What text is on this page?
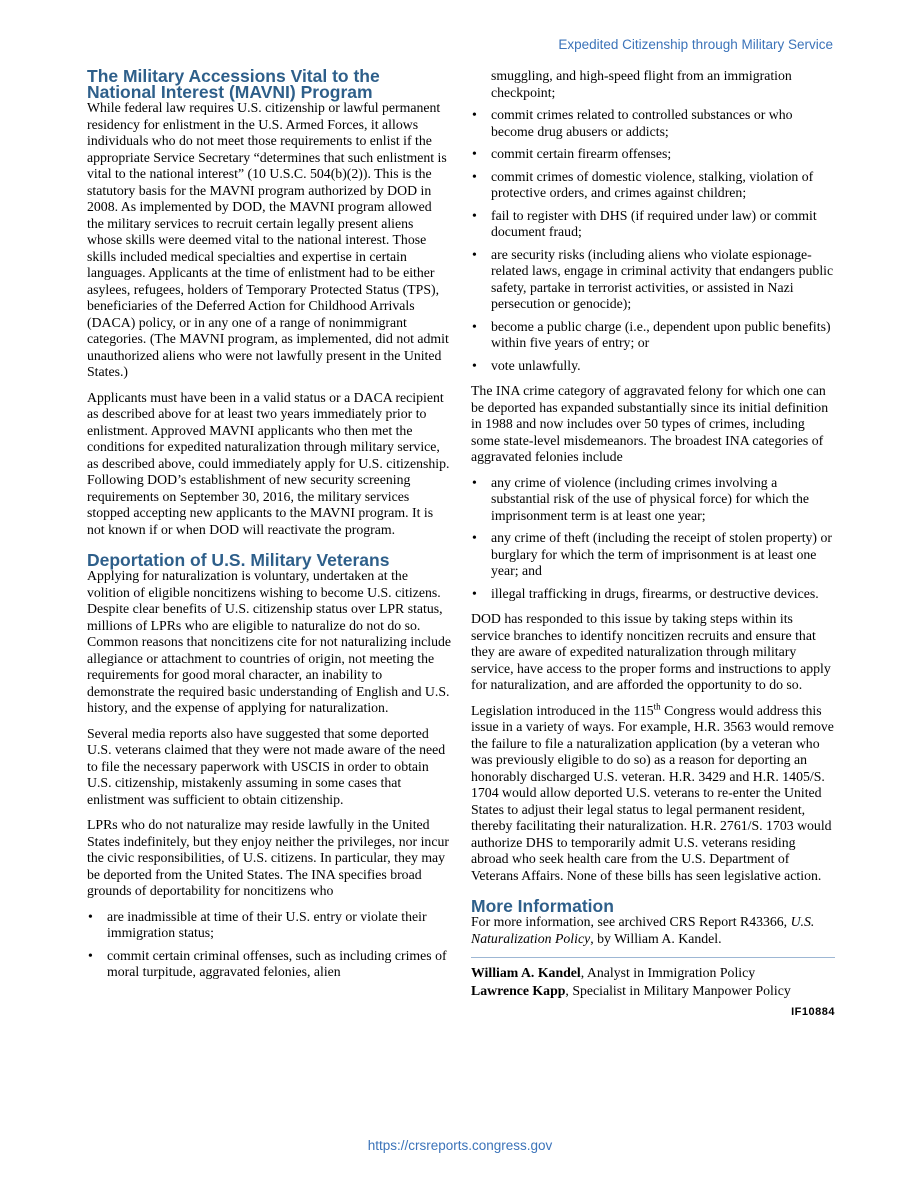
Expedited Citizenship through Military Service
The Military Accessions Vital to the National Interest (MAVNI) Program

While federal law requires U.S. citizenship or lawful permanent residency for enlistment in the U.S. Armed Forces, it allows individuals who do not meet those requirements to enlist if the appropriate Service Secretary “determines that such enlistment is vital to the national interest” (10 U.S.C. 504(b)(2)). This is the statutory basis for the MAVNI program authorized by DOD in 2008. As implemented by DOD, the MAVNI program allowed the military services to recruit certain legally present aliens whose skills were deemed vital to the national interest. Those skills included medical specialties and expertise in certain languages. Applicants at the time of enlistment had to be either asylees, refugees, holders of Temporary Protected Status (TPS), beneficiaries of the Deferred Action for Childhood Arrivals (DACA) policy, or in any one of a range of nonimmigrant categories. (The MAVNI program, as implemented, did not admit unauthorized aliens who were not lawfully present in the United States.)

Applicants must have been in a valid status or a DACA recipient as described above for at least two years immediately prior to enlistment. Approved MAVNI applicants who then met the conditions for expedited naturalization through military service, as described above, could immediately apply for U.S. citizenship. Following DOD’s establishment of new security screening requirements on September 30, 2016, the military services stopped accepting new applicants to the MAVNI program. It is not known if or when DOD will reactivate the program.

Deportation of U.S. Military Veterans

Applying for naturalization is voluntary, undertaken at the volition of eligible noncitizens wishing to become U.S. citizens. Despite clear benefits of U.S. citizenship status over LPR status, millions of LPRs who are eligible to naturalize do not do so. Common reasons that noncitizens cite for not naturalizing include allegiance or attachment to countries of origin, not meeting the requirements for good moral character, an inability to demonstrate the required basic understanding of English and U.S. history, and the expense of applying for naturalization.

Several media reports also have suggested that some deported U.S. veterans claimed that they were not made aware of the need to file the necessary paperwork with USCIS in order to obtain U.S. citizenship, mistakenly assuming in some cases that enlistment was sufficient to obtain citizenship.

LPRs who do not naturalize may reside lawfully in the United States indefinitely, but they enjoy neither the privileges, nor incur the civic responsibilities, of U.S. citizens. In particular, they may be deported from the United States. The INA specifies broad grounds of deportability for noncitizens who

• are inadmissible at time of their U.S. entry or violate their immigration status;
• commit certain criminal offenses, such as including crimes of moral turpitude, aggravated felonies, alien
smuggling, and high-speed flight from an immigration checkpoint;
• commit crimes related to controlled substances or who become drug abusers or addicts;
• commit certain firearm offenses;
• commit crimes of domestic violence, stalking, violation of protective orders, and crimes against children;
• fail to register with DHS (if required under law) or commit document fraud;
• are security risks (including aliens who violate espionage-related laws, engage in criminal activity that endangers public safety, partake in terrorist activities, or assisted in Nazi persecution or genocide);
• become a public charge (i.e., dependent upon public benefits) within five years of entry; or
• vote unlawfully.

The INA crime category of aggravated felony for which one can be deported has expanded substantially since its initial definition in 1988 and now includes over 50 types of crimes, including some state-level misdemeanors. The broadest INA categories of aggravated felonies include

• any crime of violence (including crimes involving a substantial risk of the use of physical force) for which the imprisonment term is at least one year;
• any crime of theft (including the receipt of stolen property) or burglary for which the term of imprisonment is at least one year; and
• illegal trafficking in drugs, firearms, or destructive devices.

DOD has responded to this issue by taking steps within its service branches to identify noncitizen recruits and ensure that they are aware of expedited naturalization through military service, have access to the proper forms and instructions to apply for naturalization, and are afforded the opportunity to do so.

Legislation introduced in the 115th Congress would address this issue in a variety of ways. For example, H.R. 3563 would remove the failure to file a naturalization application (by a veteran who was previously eligible to do so) as a reason for deporting an honorably discharged U.S. veteran. H.R. 3429 and H.R. 1405/S. 1704 would allow deported U.S. veterans to re-enter the United States to adjust their legal status to legal permanent resident, thereby facilitating their naturalization. H.R. 2761/S. 1703 would authorize DHS to temporarily admit U.S. veterans residing abroad who seek health care from the U.S. Department of Veterans Affairs. None of these bills has seen legislative action.

More Information

For more information, see archived CRS Report R43366, U.S. Naturalization Policy, by William A. Kandel.

William A. Kandel, Analyst in Immigration Policy

Lawrence Kapp, Specialist in Military Manpower Policy

IF10884
https://crsreports.congress.gov
